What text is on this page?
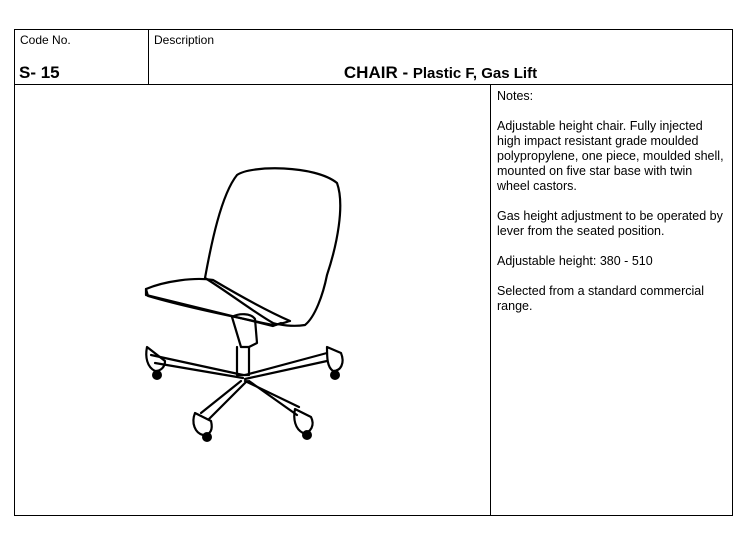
Code No.
S- 15
Description
CHAIR - Plastic F, Gas Lift
Notes:

Adjustable height chair. Fully injected high impact resistant grade moulded polypropylene, one piece, moulded shell, mounted on five star base with twin wheel castors.

Gas height adjustment to be operated by lever from the seated position.

Adjustable height: 380 - 510

Selected from a standard commercial range.
